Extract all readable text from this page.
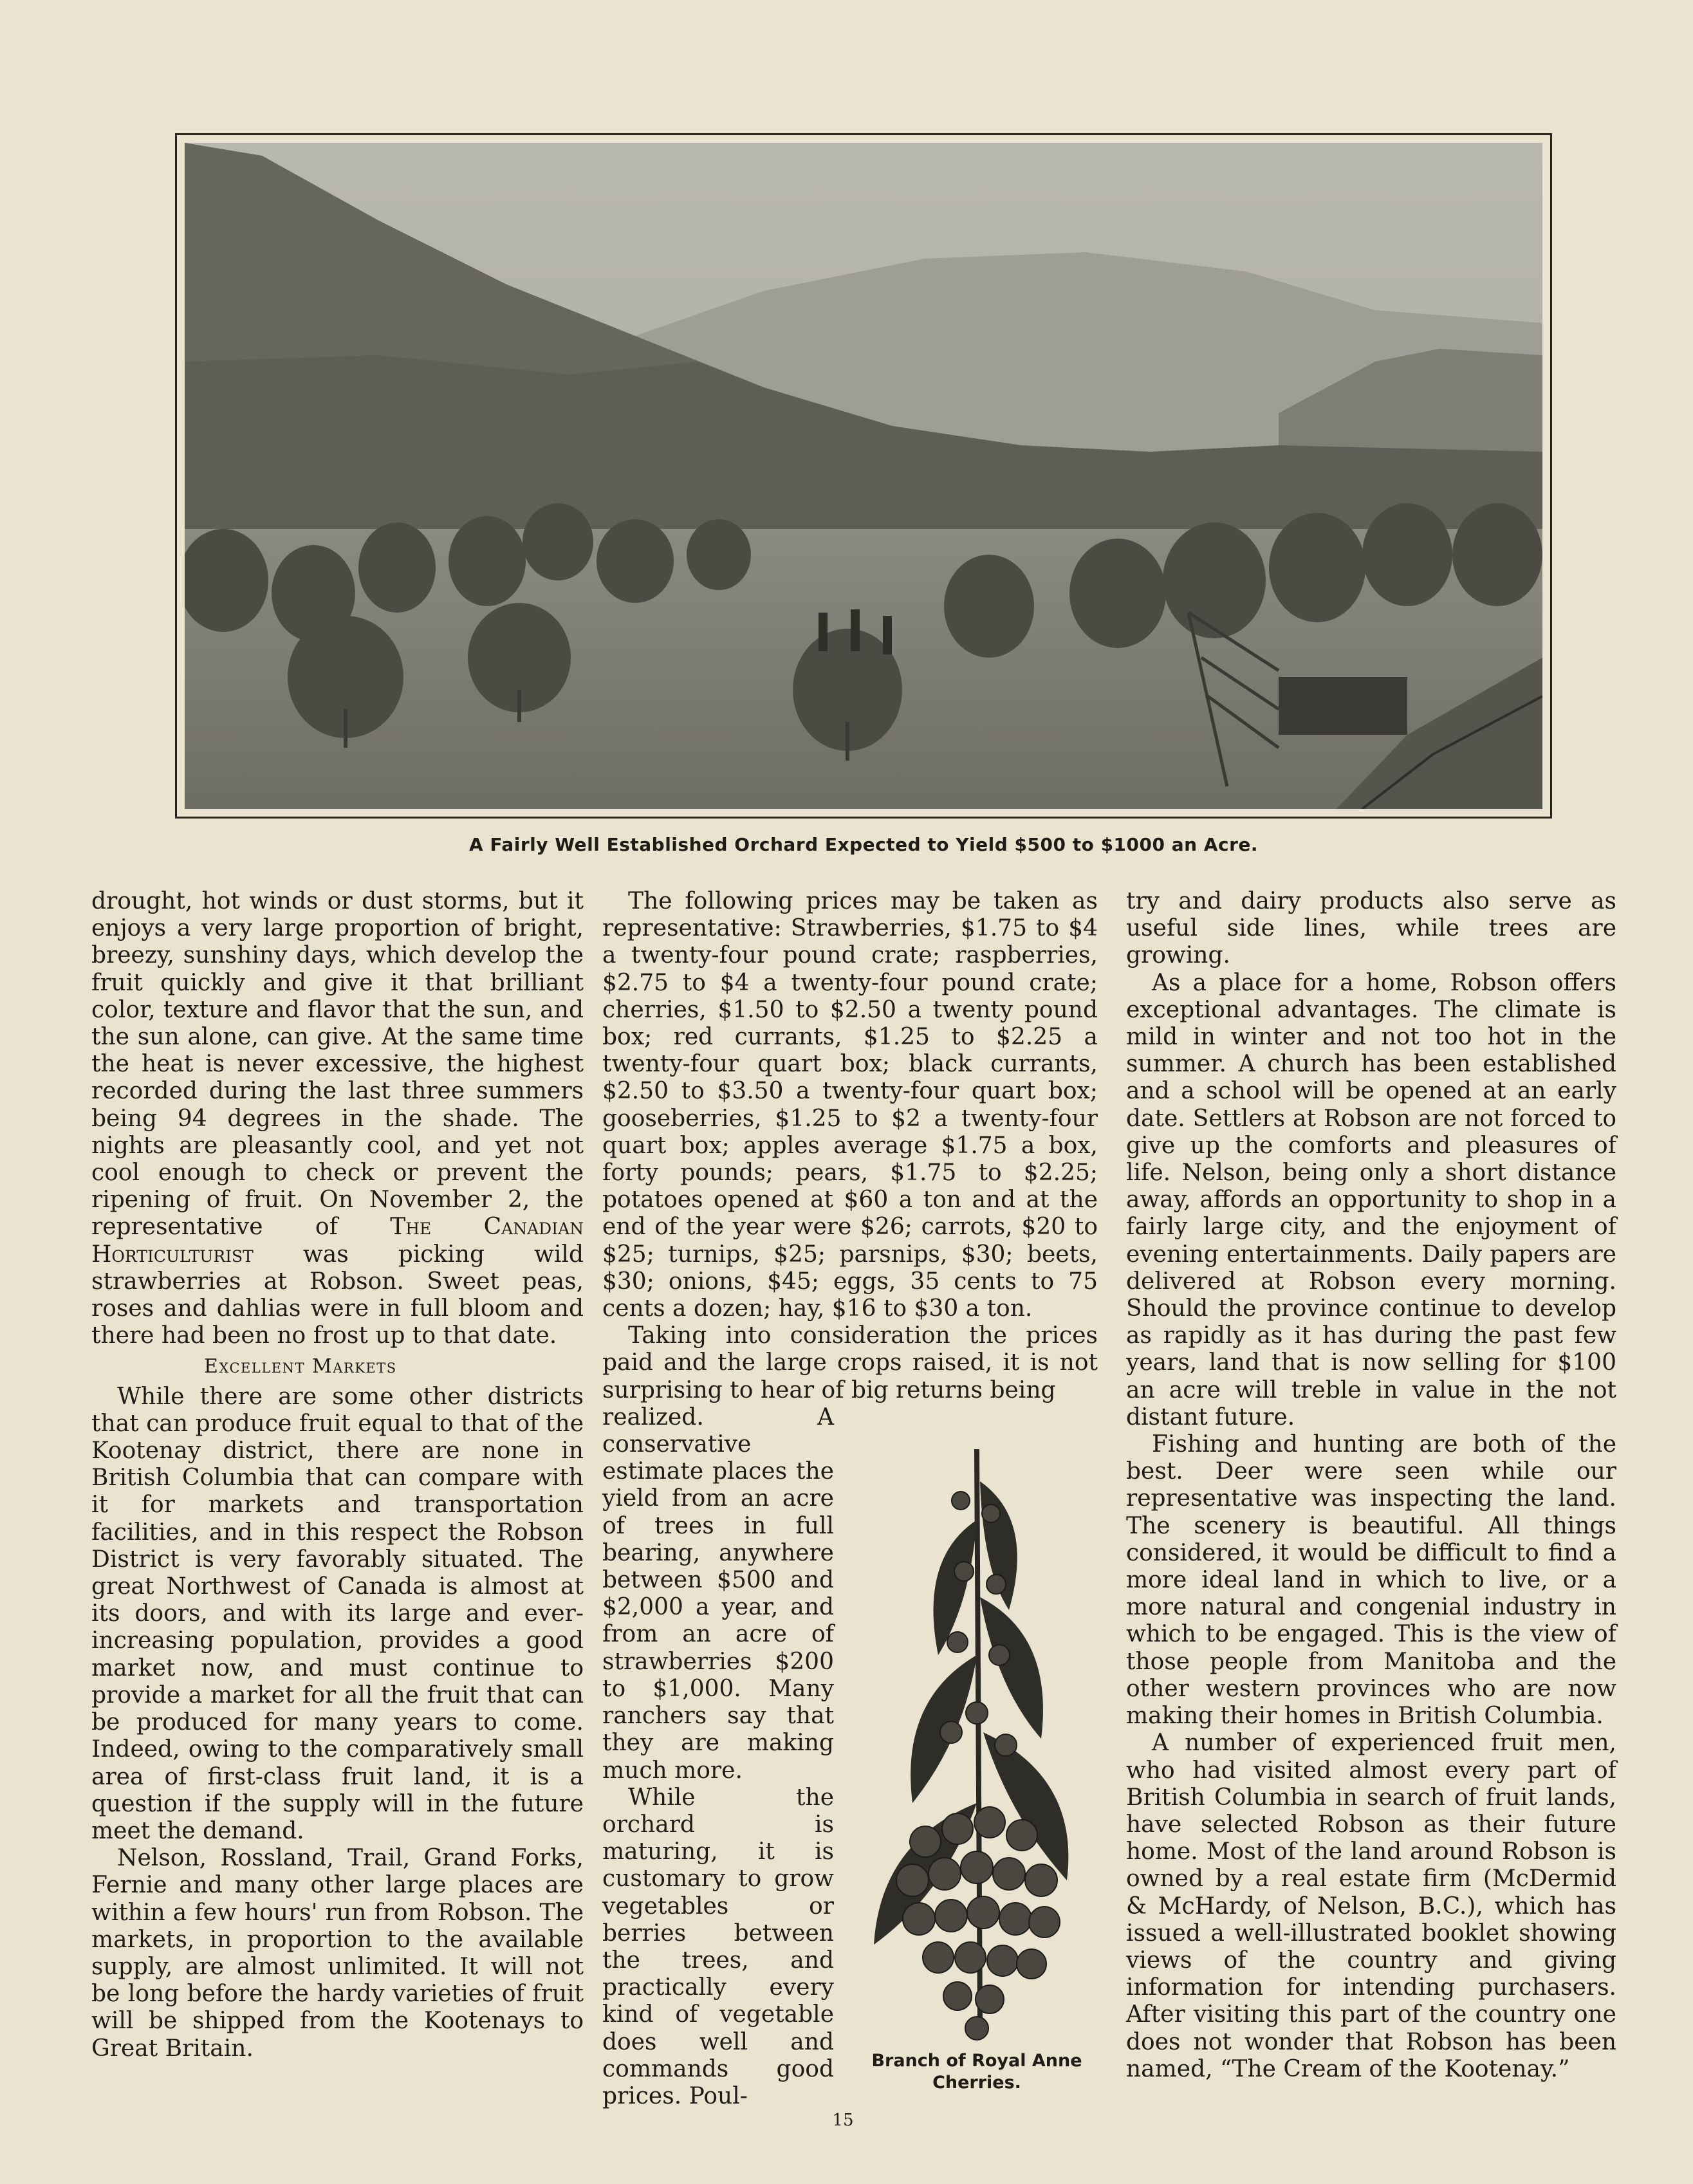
A Fairly Well Established Orchard Expected to Yield $500 to $1000 an Acre.

drought, hot winds or dust storms, but it enjoys a very large proportion of bright, breezy, sunshiny days, which develop the fruit quickly and give it that brilliant color, texture and flavor that the sun, and the sun alone, can give. At the same time the heat is never excessive, the highest recorded during the last three summers being 94 degrees in the shade. The nights are pleasantly cool, and yet not cool enough to check or prevent the ripening of fruit. On November 2, the representative of The Canadian Horticulturist was picking wild strawberries at Robson. Sweet peas, roses and dahlias were in full bloom and there had been no frost up to that date.

Excellent Markets

While there are some other districts that can produce fruit equal to that of the Kootenay district, there are none in British Columbia that can compare with it for markets and transportation facilities, and in this respect the Robson District is very favorably situated. The great Northwest of Canada is almost at its doors, and with its large and ever-increasing population, provides a good market now, and must continue to provide a market for all the fruit that can be produced for many years to come. Indeed, owing to the comparatively small area of first-class fruit land, it is a question if the supply will in the future meet the demand.

Nelson, Rossland, Trail, Grand Forks, Fernie and many other large places are within a few hours' run from Robson. The markets, in proportion to the available supply, are almost unlimited. It will not be long before the hardy varieties of fruit will be shipped from the Kootenays to Great Britain.

The following prices may be taken as representative: Strawberries, $1.75 to $4 a twenty-four pound crate; raspberries, $2.75 to $4 a twenty-four pound crate; cherries, $1.50 to $2.50 a twenty pound box; red currants, $1.25 to $2.25 a twenty-four quart box; black currants, $2.50 to $3.50 a twenty-four quart box; gooseberries, $1.25 to $2 a twenty-four quart box; apples average $1.75 a box, forty pounds; pears, $1.75 to $2.25; potatoes opened at $60 a ton and at the end of the year were $26; carrots, $20 to $25; turnips, $25; parsnips, $30; beets, $30; onions, $45; eggs, 35 cents to 75 cents a dozen; hay, $16 to $30 a ton.

Taking into consideration the prices paid and the large crops raised, it is not surprising to hear of big returns being

realized. A conservative estimate places the yield from an acre of trees in full bearing, anywhere between $500 and $2,000 a year, and from an acre of strawberries $200 to $1,000. Many ranchers say that they are making much more.

While the orchard is maturing, it is customary to grow vegetables or berries between the trees, and practically every kind of vegetable does well and commands good prices. Poul-

Branch of Royal Anne Cherries.

try and dairy products also serve as useful side lines, while trees are growing.

As a place for a home, Robson offers exceptional advantages. The climate is mild in winter and not too hot in the summer. A church has been established and a school will be opened at an early date. Settlers at Robson are not forced to give up the comforts and pleasures of life. Nelson, being only a short distance away, affords an opportunity to shop in a fairly large city, and the enjoyment of evening entertainments. Daily papers are delivered at Robson every morning. Should the province continue to develop as rapidly as it has during the past few years, land that is now selling for $100 an acre will treble in value in the not distant future.

Fishing and hunting are both of the best. Deer were seen while our representative was inspecting the land. The scenery is beautiful. All things considered, it would be difficult to find a more ideal land in which to live, or a more natural and congenial industry in which to be engaged. This is the view of those people from Manitoba and the other western provinces who are now making their homes in British Columbia.

A number of experienced fruit men, who had visited almost every part of British Columbia in search of fruit lands, have selected Robson as their future home. Most of the land around Robson is owned by a real estate firm (McDermid & McHardy, of Nelson, B.C.), which has issued a well-illustrated booklet showing views of the country and giving information for intending purchasers. After visiting this part of the country one does not wonder that Robson has been named, “The Cream of the Kootenay.”

15
